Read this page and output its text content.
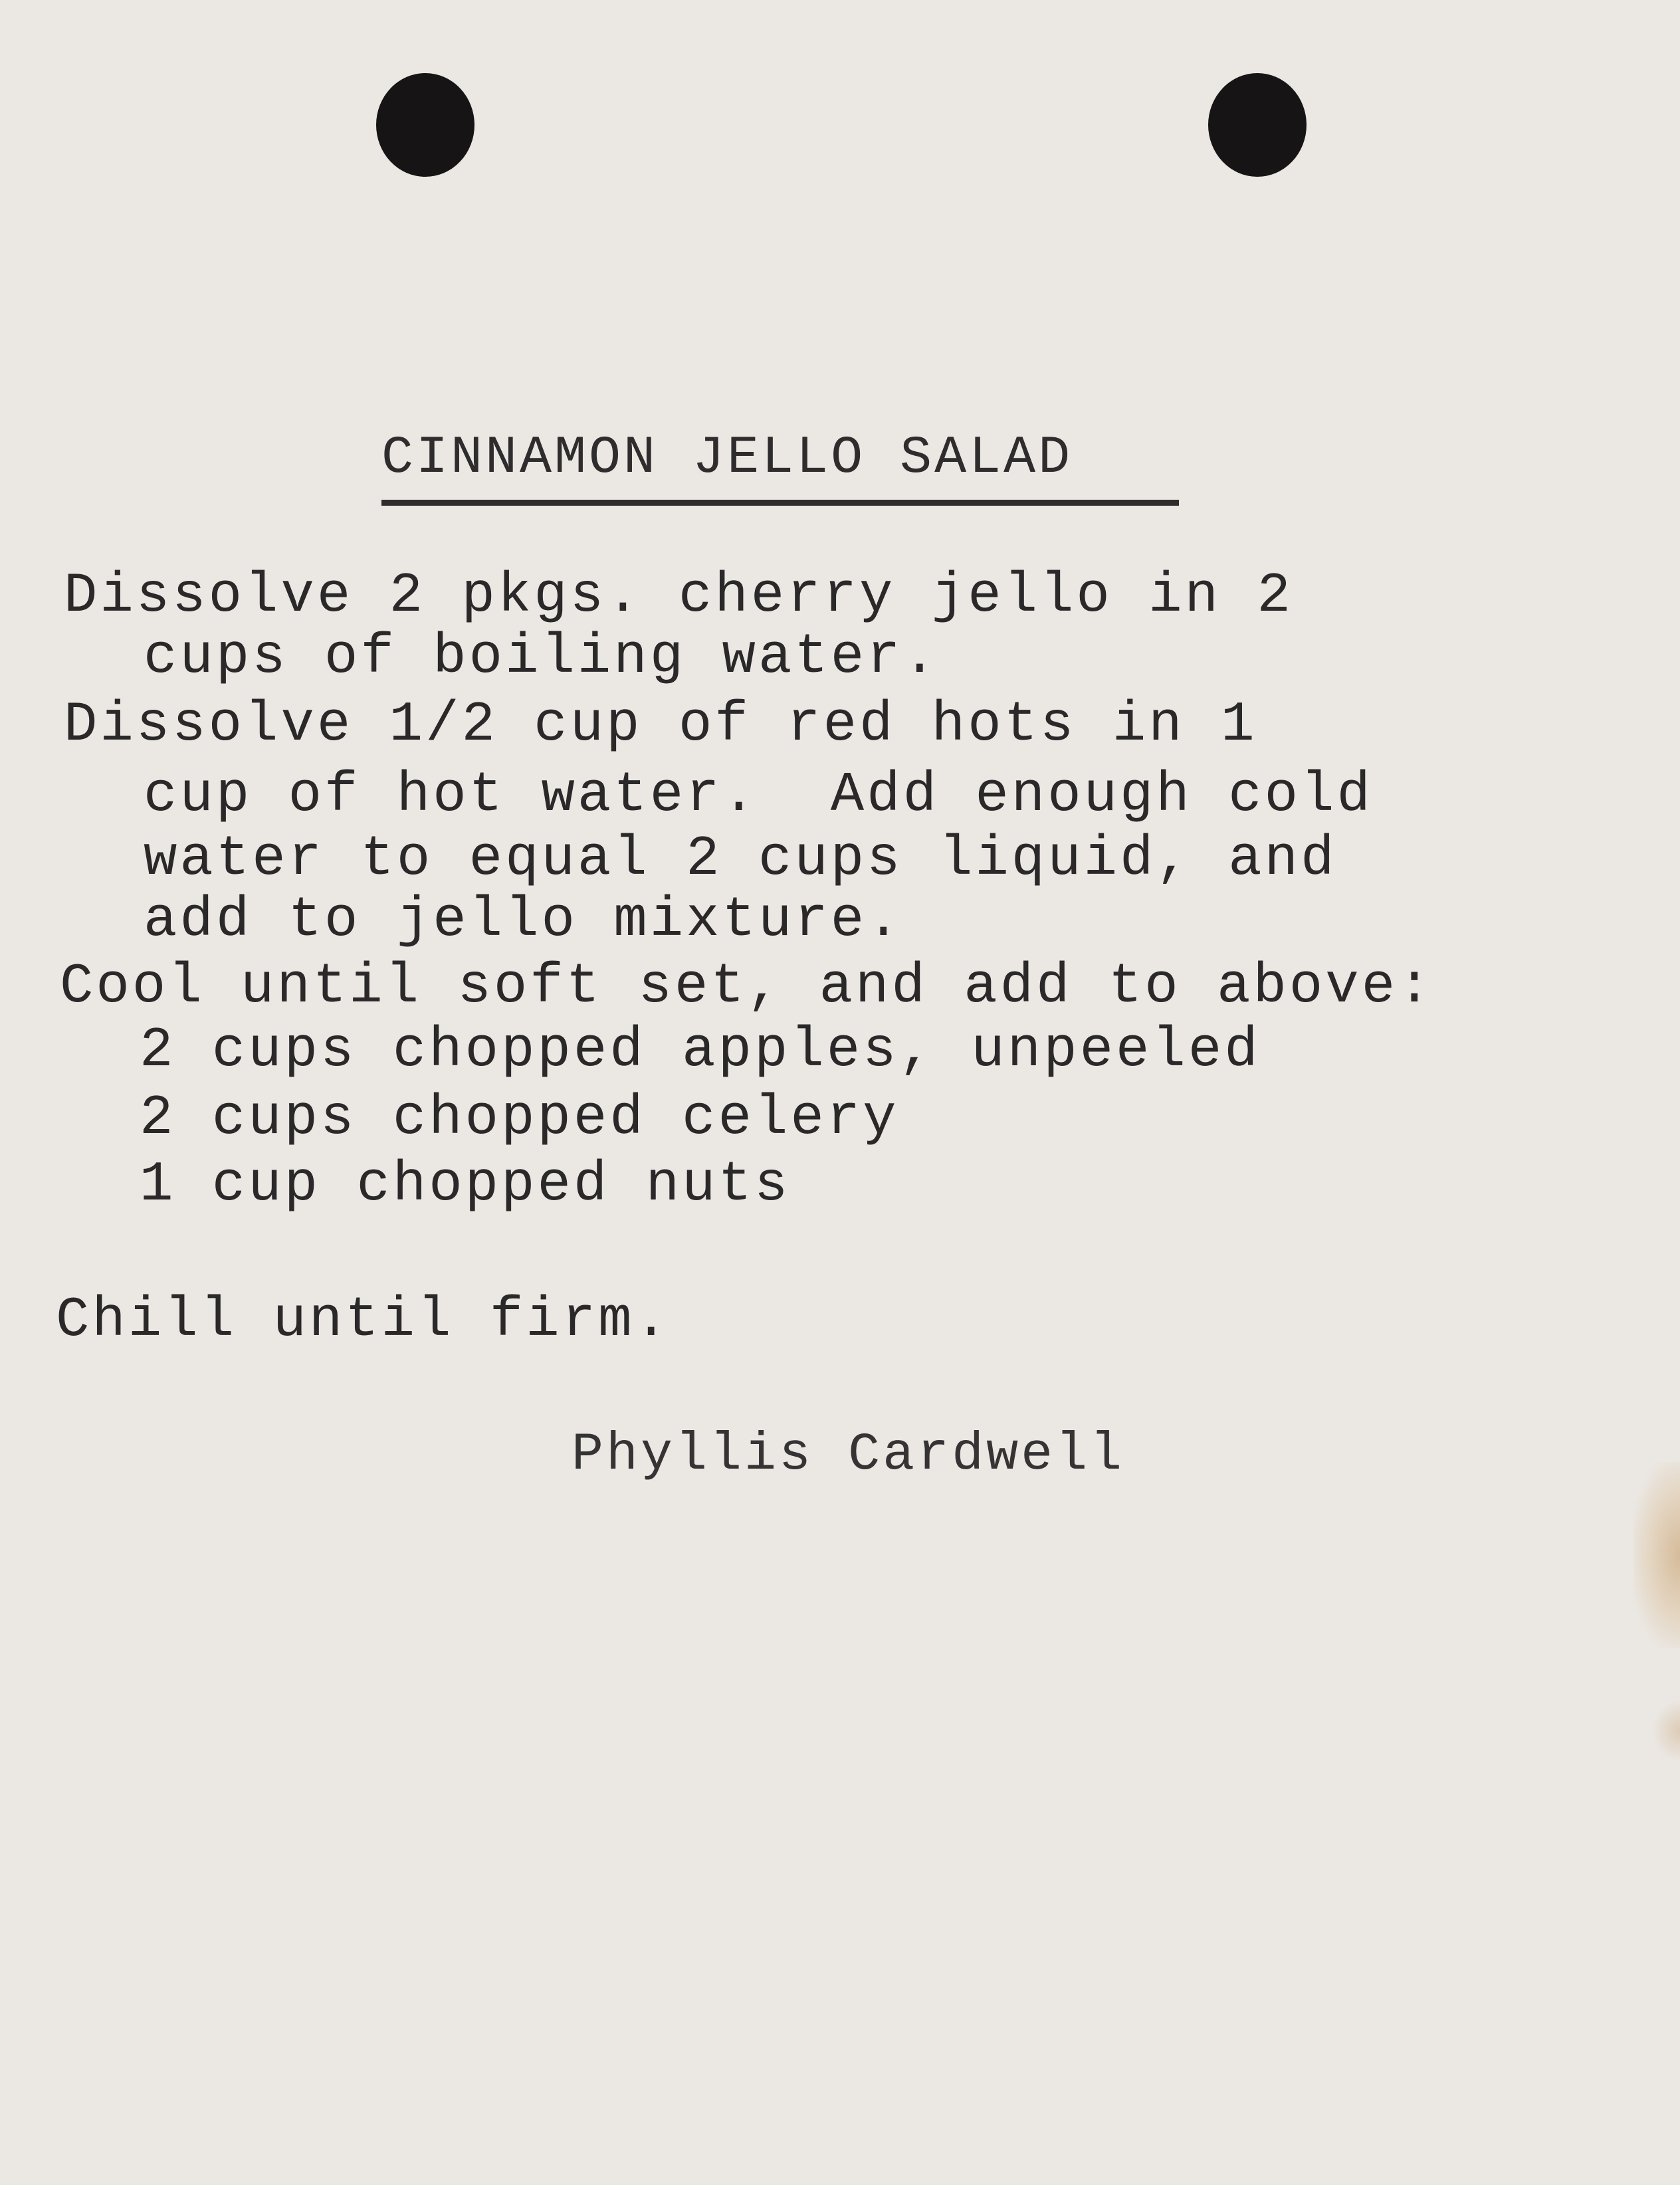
CINNAMON JELLO SALAD
Dissolve 2 pkgs. cherry jello in 2
cups of boiling water.
Dissolve 1/2 cup of red hots in 1
cup of hot water.  Add enough cold
water to equal 2 cups liquid, and
add to jello mixture.
Cool until soft set, and add to above:
2 cups chopped apples, unpeeled
2 cups chopped celery
1 cup chopped nuts
Chill until firm.
Phyllis Cardwell
